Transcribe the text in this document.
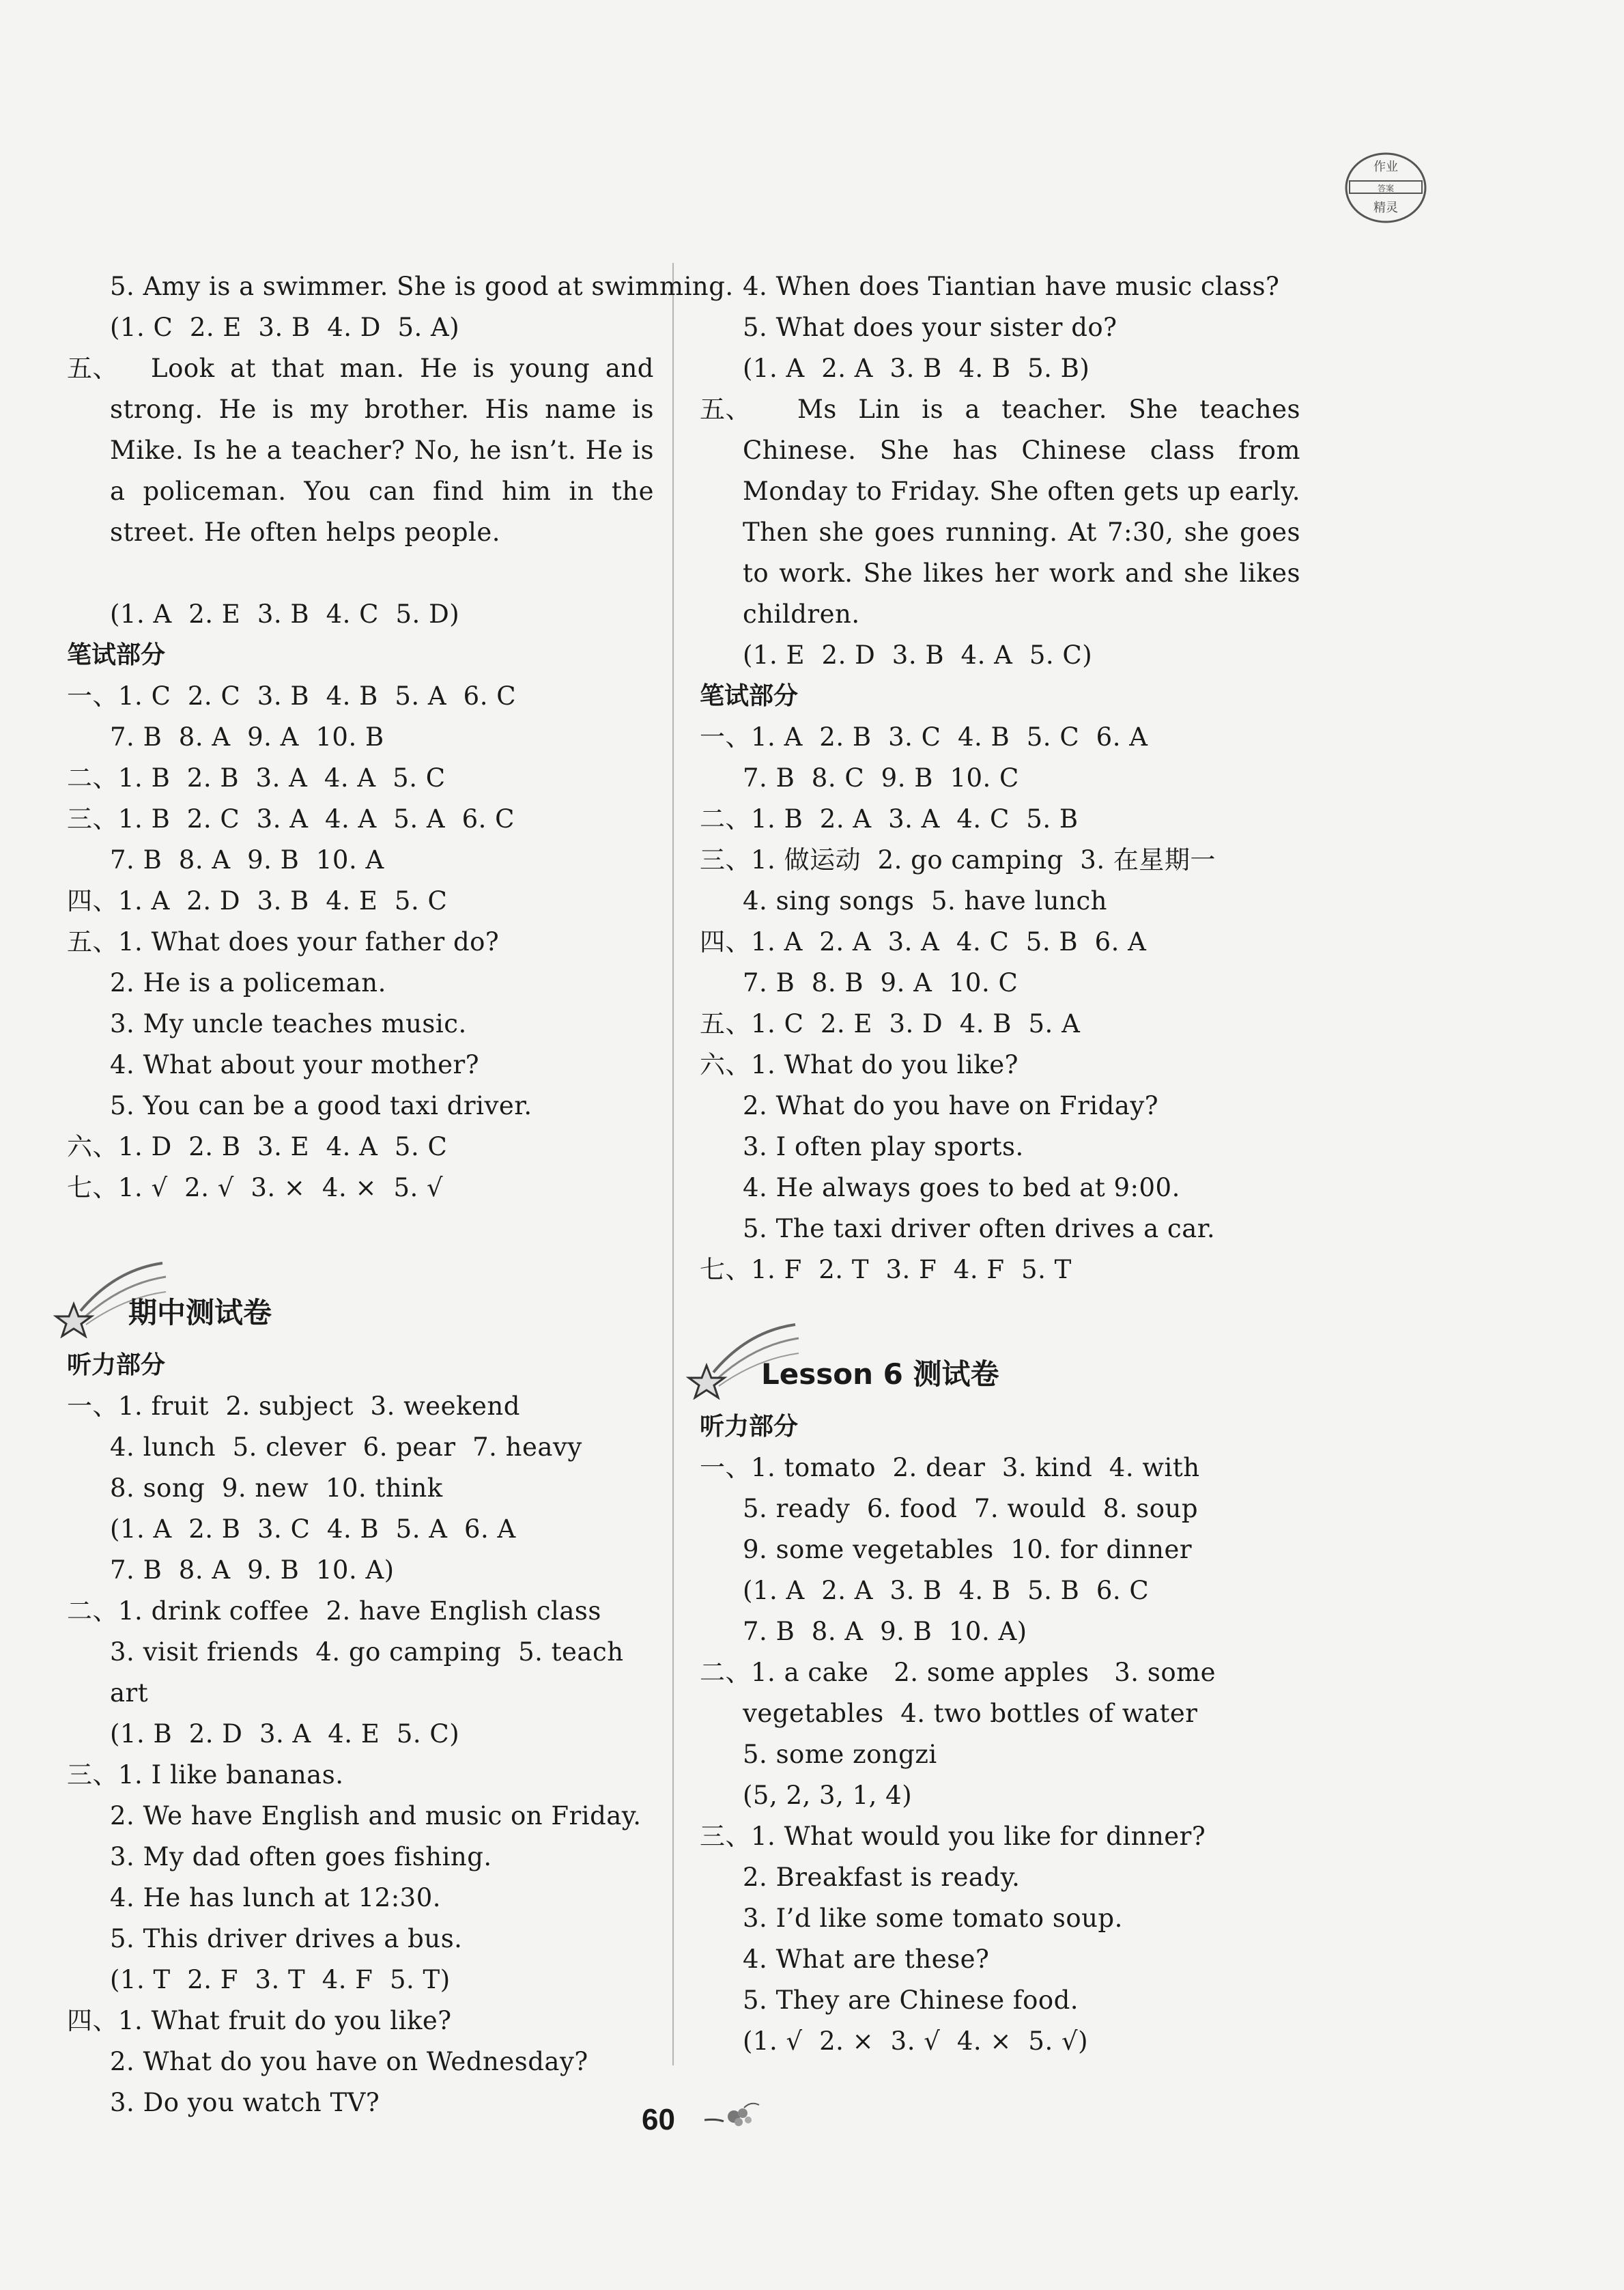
作业
答案
精灵
5. Amy is a swimmer. She is good at swimming.
(1. C  2. E  3. B  4. D  5. A)
五、	Look at that man. He is young and strong. He is my brother. His name is Mike. Is he a teacher? No, he isn’t. He is a policeman. You can find him in the street. He often helps people.
(1. A  2. E  3. B  4. C  5. D)
笔试部分
一、1. C  2. C  3. B  4. B  5. A  6. C
7. B  8. A  9. A  10. B
二、1. B  2. B  3. A  4. A  5. C
三、1. B  2. C  3. A  4. A  5. A  6. C
7. B  8. A  9. B  10. A
四、1. A  2. D  3. B  4. E  5. C
五、1. What does your father do?
2. He is a policeman.
3. My uncle teaches music.
4. What about your mother?
5. You can be a good taxi driver.
六、1. D  2. B  3. E  4. A  5. C
七、1. √  2. √  3. ×  4. ×  5. √
期中测试卷
听力部分
一、1. fruit  2. subject  3. weekend
4. lunch  5. clever  6. pear  7. heavy
8. song  9. new  10. think
(1. A  2. B  3. C  4. B  5. A  6. A
7. B  8. A  9. B  10. A)
二、1. drink coffee  2. have English class
3. visit friends  4. go camping  5. teach
art
(1. B  2. D  3. A  4. E  5. C)
三、1. I like bananas.
2. We have English and music on Friday.
3. My dad often goes fishing.
4. He has lunch at 12:30.
5. This driver drives a bus.
(1. T  2. F  3. T  4. F  5. T)
四、1. What fruit do you like?
2. What do you have on Wednesday?
3. Do you watch TV?
4. When does Tiantian have music class?
5. What does your sister do?
(1. A  2. A  3. B  4. B  5. B)
五、	Ms Lin is a teacher. She teaches Chinese. She has Chinese class from Monday to Friday. She often gets up early. Then she goes running. At 7:30, she goes to work. She likes her work and she likes children.
(1. E  2. D  3. B  4. A  5. C)
笔试部分
一、1. A  2. B  3. C  4. B  5. C  6. A
7. B  8. C  9. B  10. C
二、1. B  2. A  3. A  4. C  5. B
三、1. 做运动  2. go camping  3. 在星期一
4. sing songs  5. have lunch
四、1. A  2. A  3. A  4. C  5. B  6. A
7. B  8. B  9. A  10. C
五、1. C  2. E  3. D  4. B  5. A
六、1. What do you like?
2. What do you have on Friday?
3. I often play sports.
4. He always goes to bed at 9:00.
5. The taxi driver often drives a car.
七、1. F  2. T  3. F  4. F  5. T
Lesson 6 测试卷
听力部分
一、1. tomato  2. dear  3. kind  4. with
5. ready  6. food  7. would  8. soup
9. some vegetables  10. for dinner
(1. A  2. A  3. B  4. B  5. B  6. C
7. B  8. A  9. B  10. A)
二、1. a cake   2. some apples   3. some
vegetables  4. two bottles of water
5. some zongzi
(5, 2, 3, 1, 4)
三、1. What would you like for dinner?
2. Breakfast is ready.
3. I’d like some tomato soup.
4. What are these?
5. They are Chinese food.
(1. √  2. ×  3. √  4. ×  5. √)
60
